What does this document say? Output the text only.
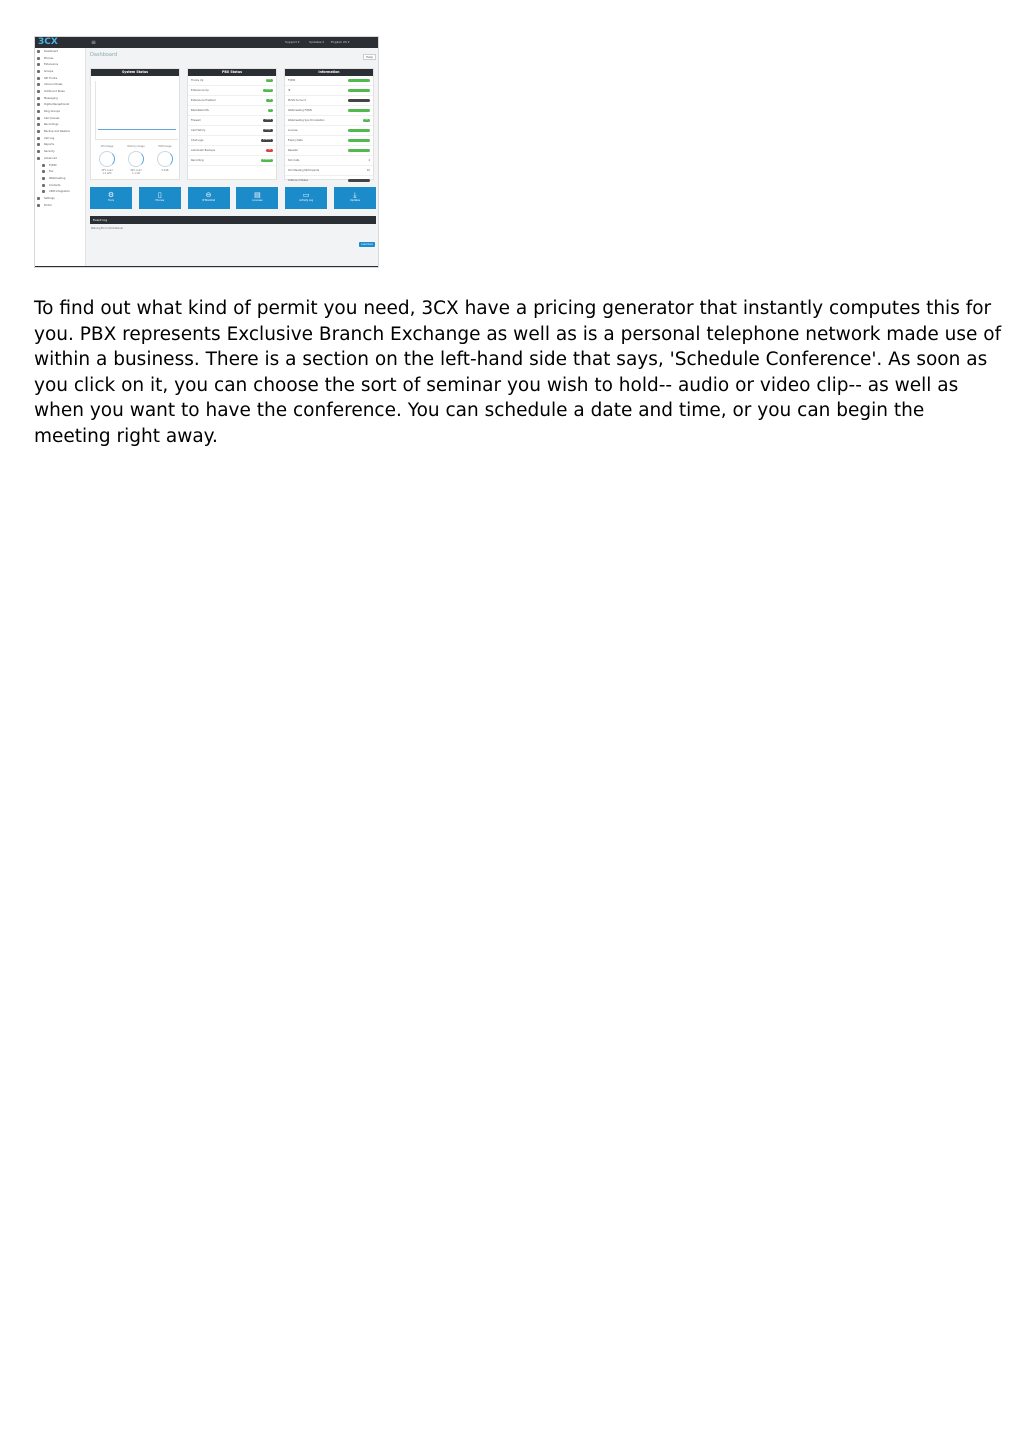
3CX	≡	Support ▾	Updates ▾ English US ▾
Dashboard
Phones
Extensions
Groups
SIP Trunks
Inbound Rules
Outbound Rules
Messaging
Digital Receptionist
Ring Groups
Call Queues
Recordings
Backup and Restore
Call Log
Reports
Security
Advanced
FQDN
Fax
Webmeeting
Contacts
CRM Integration
Settings
Portal
Dashboard	Help
System Status
CPU Usage
30% Load
1.4 GHz
Memory Usage
40% Load
1.1 GB
HDD Usage
5.2GB
PBX Status
Trunks Up	2/2
Extensions Up	12/16
Extensions Enabled	16
Blacklisted IPs	0
Firewall	Check
Call History	Range
Chat Logs	Enabled
Automatic Backups	Off
Recording	Enabled
Information
FQDN
IP
PUSH Account
Webmeeting FQDN
Webmeeting Synchronization	OK
License
Expiry Date
Reseller
Sim Calls	4
Sim Meeting Participants	10
Outbound Rules
⚙
Tools
▯
Phones
⊖
IP Blacklist
▤
Licenses
▭
Activity Log
⤓
Updates
Event log
Warning Error Informational
Load more

To find out what kind of permit you need, 3CX have a pricing generator that instantly computes this for you. PBX represents Exclusive Branch Exchange as well as is a personal telephone network made use of within a business. There is a section on the left-hand side that says, 'Schedule Conference'. As soon as you click on it, you can choose the sort of seminar you wish to hold-- audio or video clip-- as well as when you want to have the conference. You can schedule a date and time, or you can begin the meeting right away.
